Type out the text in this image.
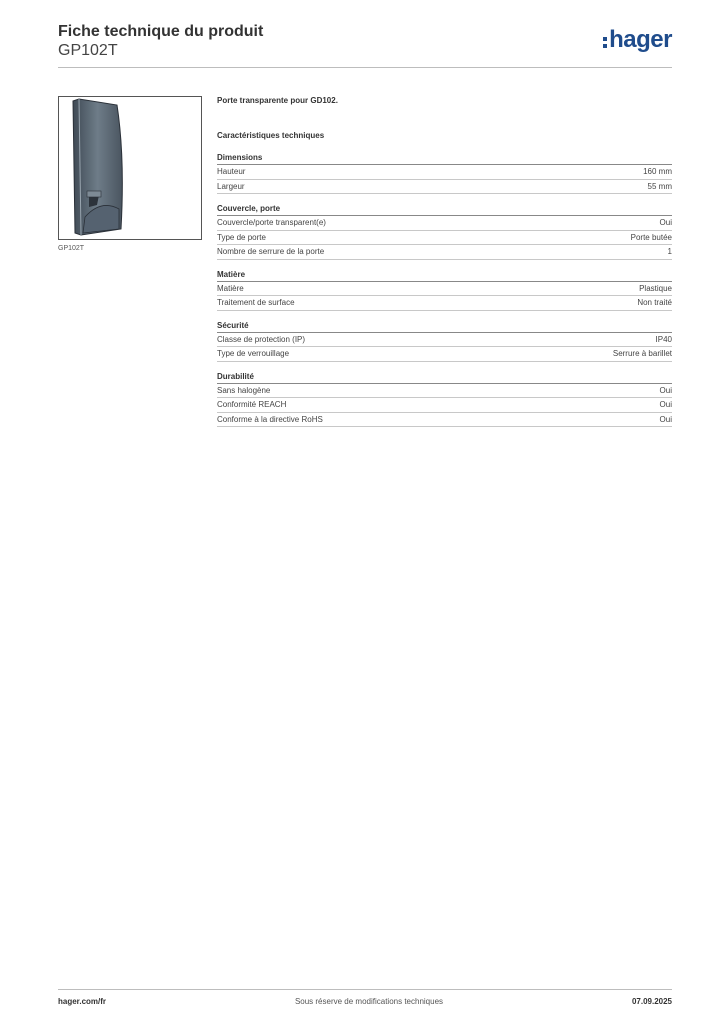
Fiche technique du produit
GP102T	hager
GP102T

Porte transparente pour GD102.

Caractéristiques techniques
Dimensions
Hauteur	160 mm
Largeur	55 mm
Couvercle, porte
Couvercle/porte transparent(e)	Oui
Type de porte	Porte butée
Nombre de serrure de la porte	1
Matière
Matière	Plastique
Traitement de surface	Non traité
Sécurité
Classe de protection (IP)	IP40
Type de verrouillage	Serrure à barillet
Durabilité
Sans halogène	Oui
Conformité REACH	Oui
Conforme à la directive RoHS	Oui
hager.com/fr	Sous réserve de modifications techniques	07.09.2025
